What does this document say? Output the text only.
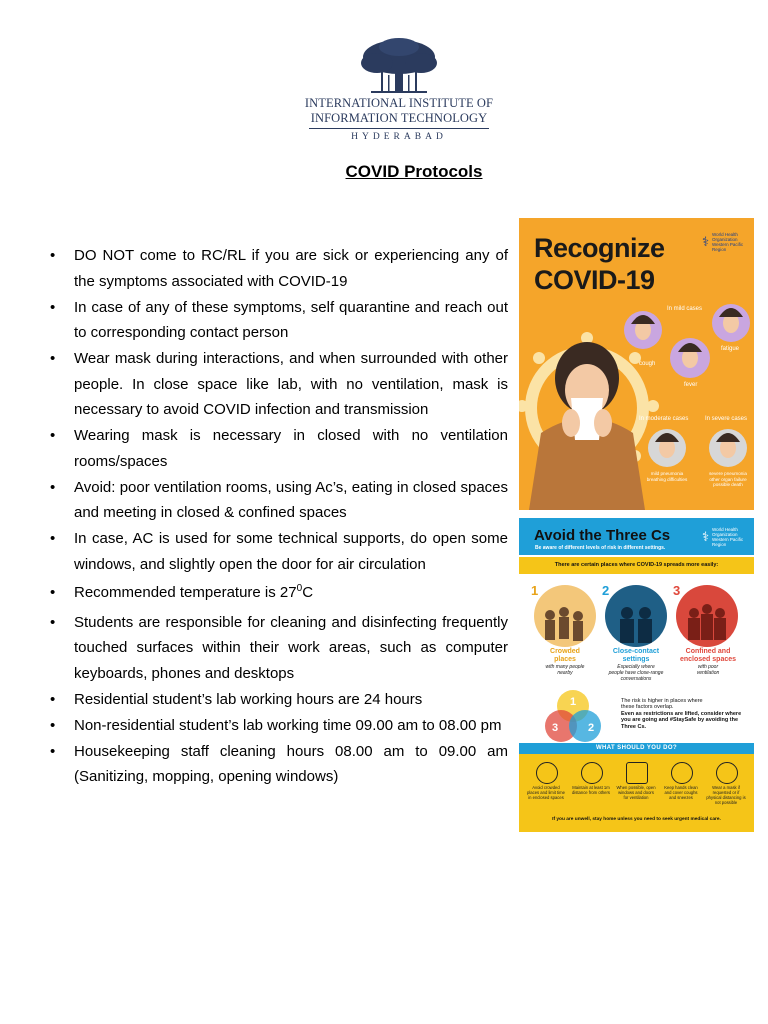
INTERNATIONAL INSTITUTE OF
INFORMATION TECHNOLOGY
HYDERABAD
COVID Protocols
• DO NOT come to RC/RL if you are sick or experiencing any of the symptoms associated with COVID-19
• In case of any of these symptoms, self quarantine and reach out to corresponding contact person
• Wear mask during interactions, and when surrounded with other people. In close space like lab, with no ventilation, mask is necessary to avoid COVID infection and transmission
• Wearing mask is necessary in closed with no ventilation rooms/spaces
• Avoid: poor ventilation rooms, using Ac’s, eating in closed spaces and meeting in closed & confined spaces
• In case, AC is used for some technical supports, do open some windows, and slightly open the door for air circulation
• Recommended temperature is $27^0C$
• Students are responsible for cleaning and disinfecting frequently touched surfaces within their work areas, such as computer keyboards, phones and desktops
• Residential student’s lab working hours are 24 hours
• Non-residential student’s lab working time 09.00 am to 08.00 pm
• Housekeeping staff cleaning hours 08.00 am to 09.00 am (Sanitizing, mopping, opening windows)
Recognize
COVID-19
⚕ World Health
Organization
Western Pacific Region
In mild cases
cough
fatigue
fever
In moderate cases	In severe cases
mild pneumonia
breathing difficulties
severe pneumonia
other organ failure
possible death
Avoid the Three Cs
Be aware of different levels of risk in different settings.
⚕ World Health
Organization
Western Pacific Region
There are certain places where COVID-19 spreads more easily:
1	2	3
Crowded
places
Close-contact
settings
Confined and
enclosed spaces
with many people
nearby
Especially where
people have close-range conversations
with poor
ventilation
1
3	2
The risk is higher in places where
these factors overlap.
Even as restrictions are lifted, consider where you are going and #StaySafe by avoiding the Three Cs.
WHAT SHOULD YOU DO?
Avoid crowded places and limit time in enclosed spaces
Maintain at least 1m distance from others
When possible, open windows and doors for ventilation
Keep hands clean and cover coughs and sneezes
Wear a mask if requested or if physical distancing is not possible
If you are unwell, stay home unless you need to seek urgent medical care.
